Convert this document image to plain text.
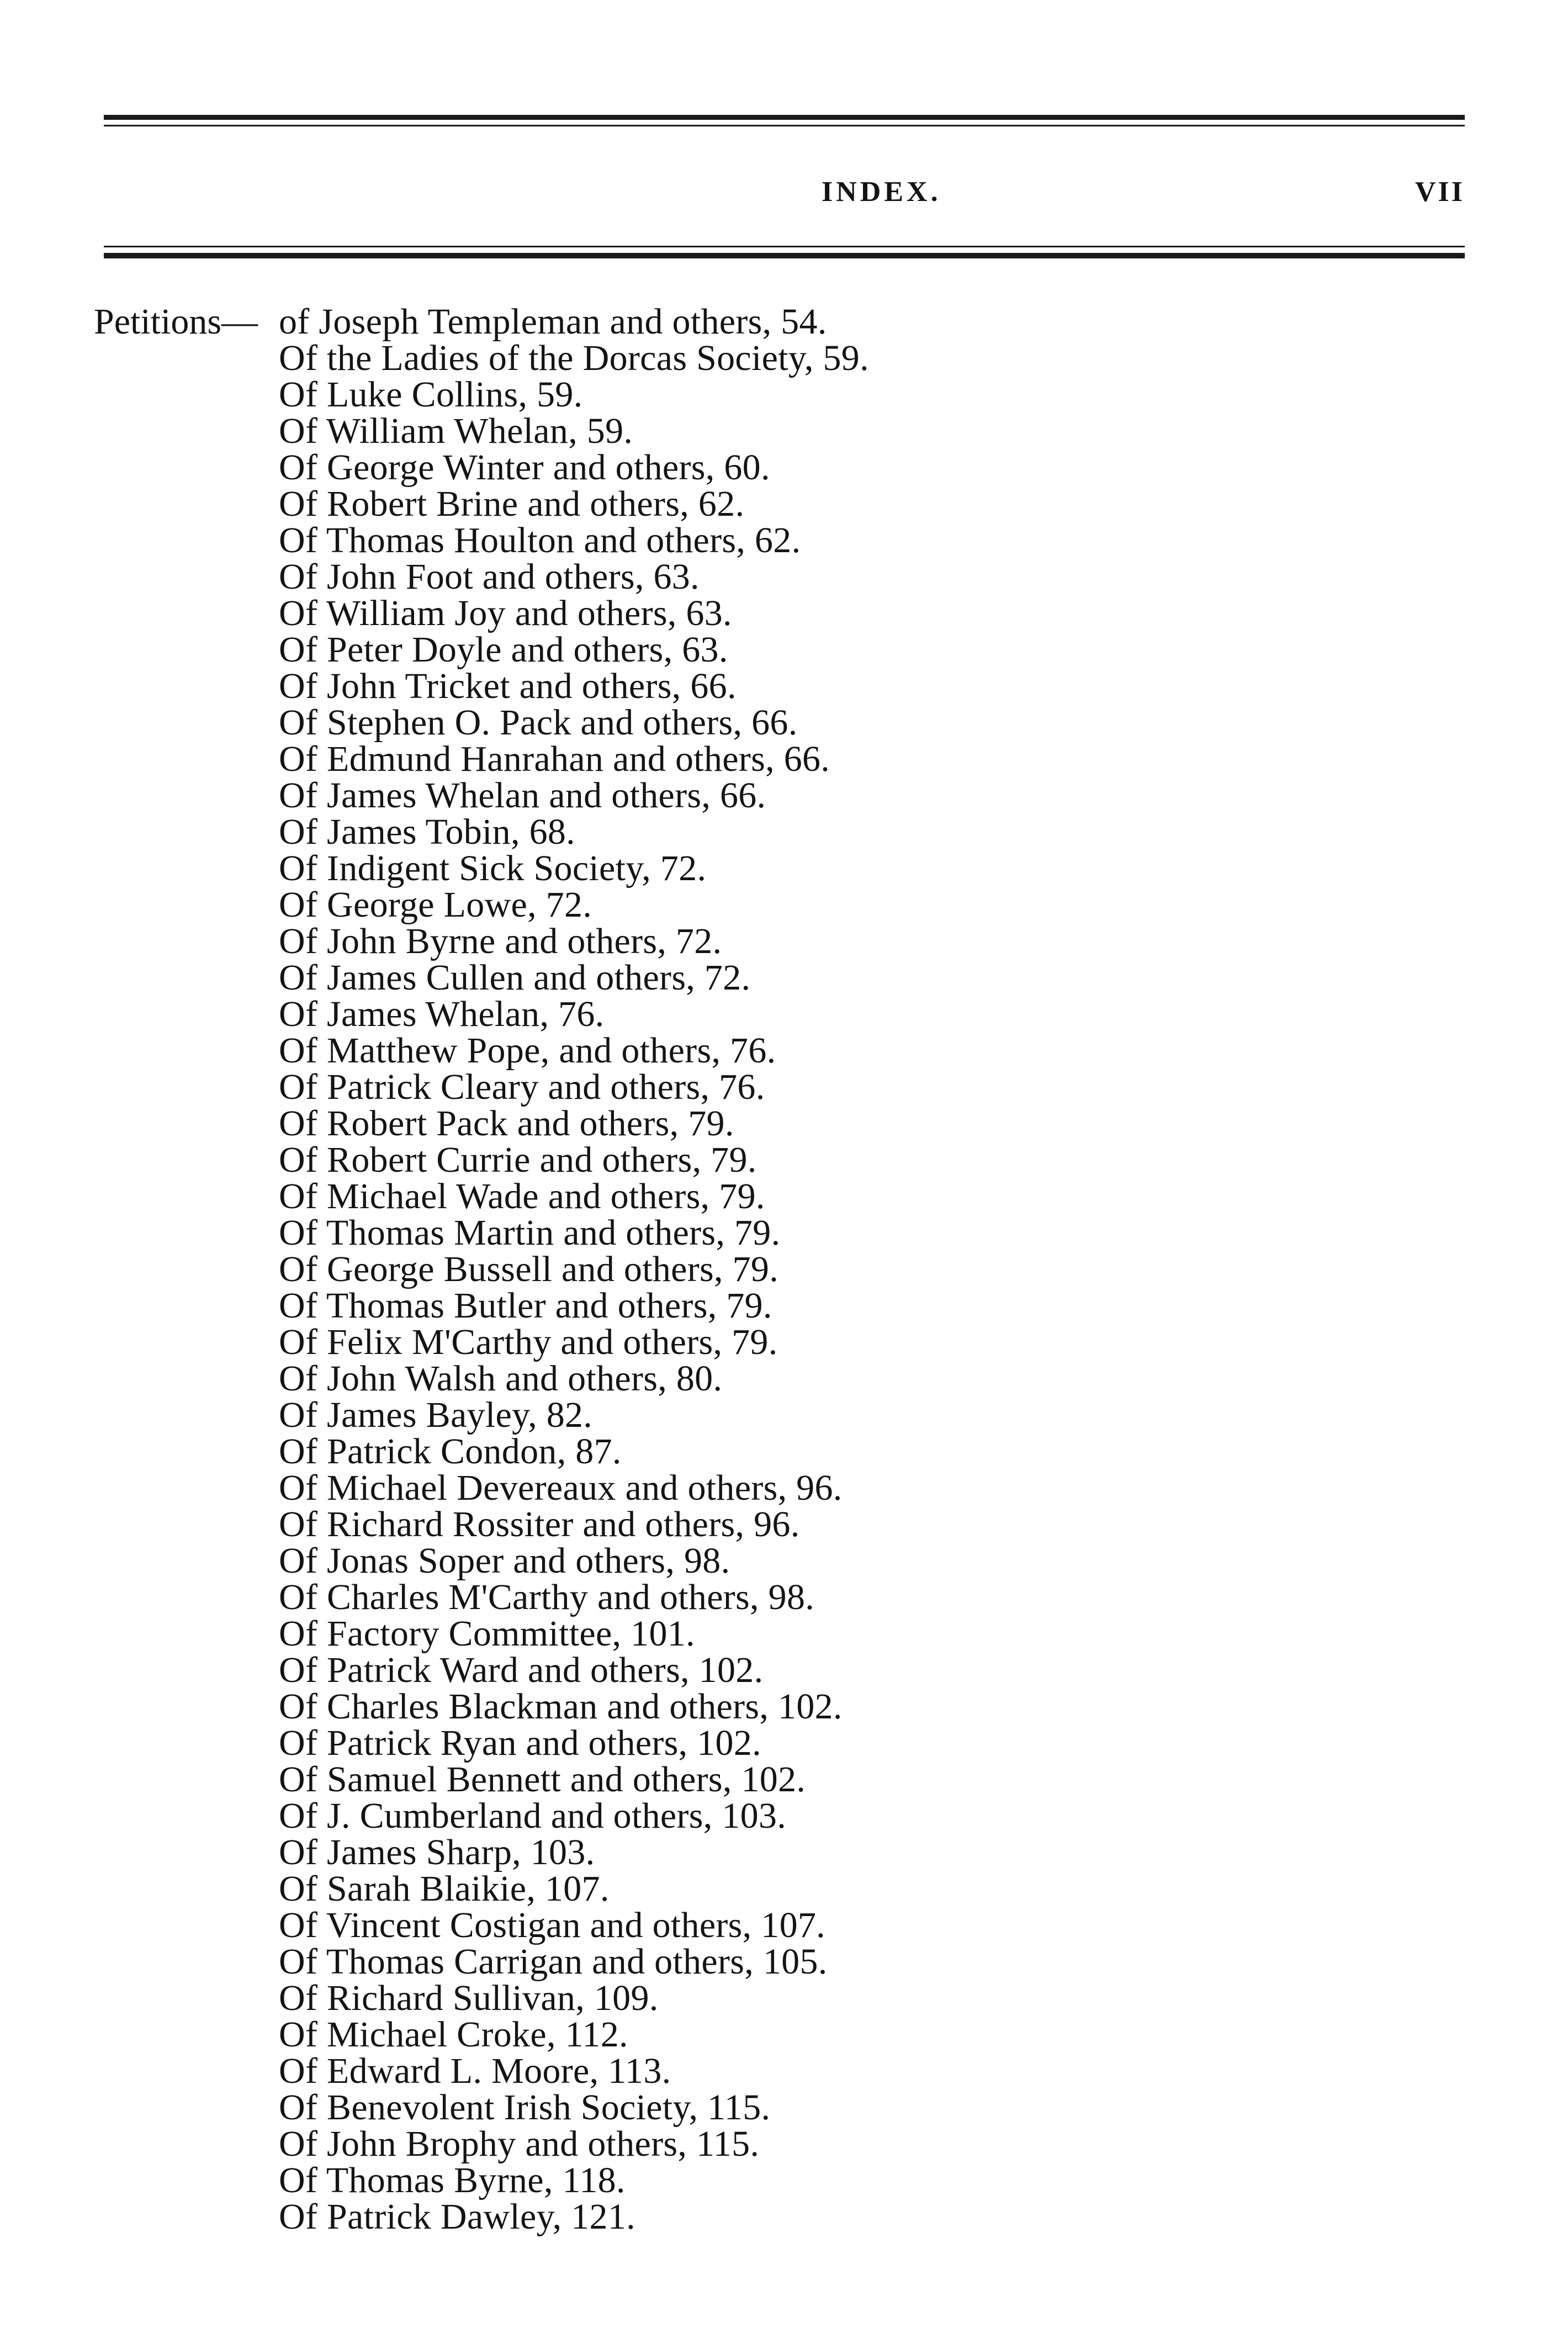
INDEX.	VII
Petitions— of Joseph Templeman and others, 54.
Of the Ladies of the Dorcas Society, 59.
Of Luke Collins, 59.
Of William Whelan, 59.
Of George Winter and others, 60.
Of Robert Brine and others, 62.
Of Thomas Houlton and others, 62.
Of John Foot and others, 63.
Of William Joy and others, 63.
Of Peter Doyle and others, 63.
Of John Tricket and others, 66.
Of Stephen O. Pack and others, 66.
Of Edmund Hanrahan and others, 66.
Of James Whelan and others, 66.
Of James Tobin, 68.
Of Indigent Sick Society, 72.
Of George Lowe, 72.
Of John Byrne and others, 72.
Of James Cullen and others, 72.
Of James Whelan, 76.
Of Matthew Pope, and others, 76.
Of Patrick Cleary and others, 76.
Of Robert Pack and others, 79.
Of Robert Currie and others, 79.
Of Michael Wade and others, 79.
Of Thomas Martin and others, 79.
Of George Bussell and others, 79.
Of Thomas Butler and others, 79.
Of Felix M'Carthy and others, 79.
Of John Walsh and others, 80.
Of James Bayley, 82.
Of Patrick Condon, 87.
Of Michael Devereaux and others, 96.
Of Richard Rossiter and others, 96.
Of Jonas Soper and others, 98.
Of Charles M'Carthy and others, 98.
Of Factory Committee, 101.
Of Patrick Ward and others, 102.
Of Charles Blackman and others, 102.
Of Patrick Ryan and others, 102.
Of Samuel Bennett and others, 102.
Of J. Cumberland and others, 103.
Of James Sharp, 103.
Of Sarah Blaikie, 107.
Of Vincent Costigan and others, 107.
Of Thomas Carrigan and others, 105.
Of Richard Sullivan, 109.
Of Michael Croke, 112.
Of Edward L. Moore, 113.
Of Benevolent Irish Society, 115.
Of John Brophy and others, 115.
Of Thomas Byrne, 118.
Of Patrick Dawley, 121.
